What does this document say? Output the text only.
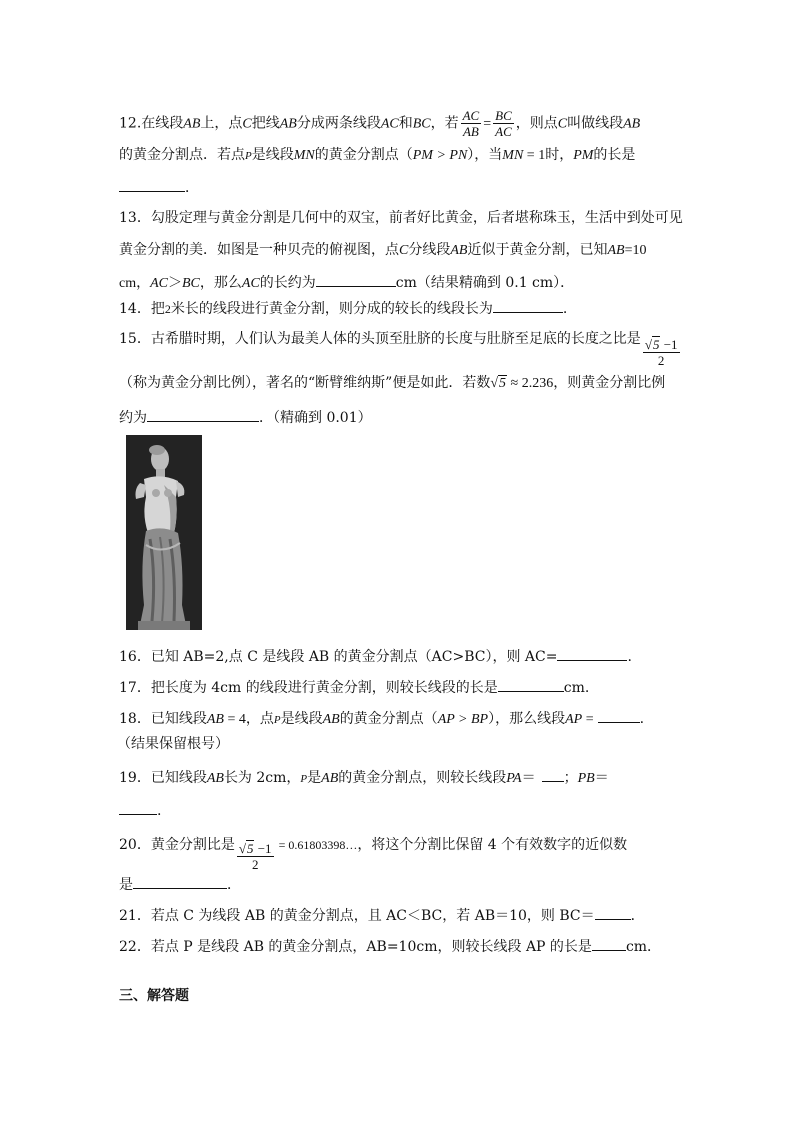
12.在线段AB上，点C把线AB分成两条线段AC和BC，若 $\frac{AC}{AB} = \frac{BC}{AC}$ ，则点C叫做线段AB
的黄金分割点．若点P是线段MN的黄金分割点（PM > PN），当MN = 1时，PM的长是
．
13．勾股定理与黄金分割是几何中的双宝，前者好比黄金，后者堪称珠玉，生活中到处可见
黄金分割的美．如图是一种贝壳的俯视图，点C分线段AB近似于黄金分割，已知AB=10
cm，AC＞BC，那么AC的长约为	cm（结果精确到 0.1 cm）．
14．把2米长的线段进行黄金分割，则分成的较长的线段长为	.
15．古希腊时期，人们认为最美人体的头顶至肚脐的长度与肚脐至足底的长度之比是 $\frac{√5 -1}{2}$
（称为黄金分割比例），著名的“断臂维纳斯”便是如此．若数√5 ≈ 2.236，则黄金分割比例
约为	．（精确到 0.01）
16．已知 AB=2,点 C 是线段 AB 的黄金分割点（AC>BC），则 AC=	.
17．把长度为 4cm 的线段进行黄金分割，则较长线段的长是	cm.
18．已知线段AB = 4，点P是线段AB的黄金分割点（AP > BP），那么线段AP =	.
（结果保留根号）
19．已知线段AB长为 2cm，P是AB的黄金分割点，则较长线段PA＝ ；PB＝
.
20．黄金分割比是 $\frac{√5 -1}{2}$ = 0.61803398…，将这个分割比保留 4 个有效数字的近似数
是	．
21．若点 C 为线段 AB 的黄金分割点，且 AC＜BC，若 AB＝10，则 BC＝	．
22．若点 P 是线段 AB 的黄金分割点，AB=10cm，则较长线段 AP 的长是 cm．
三、解答题
